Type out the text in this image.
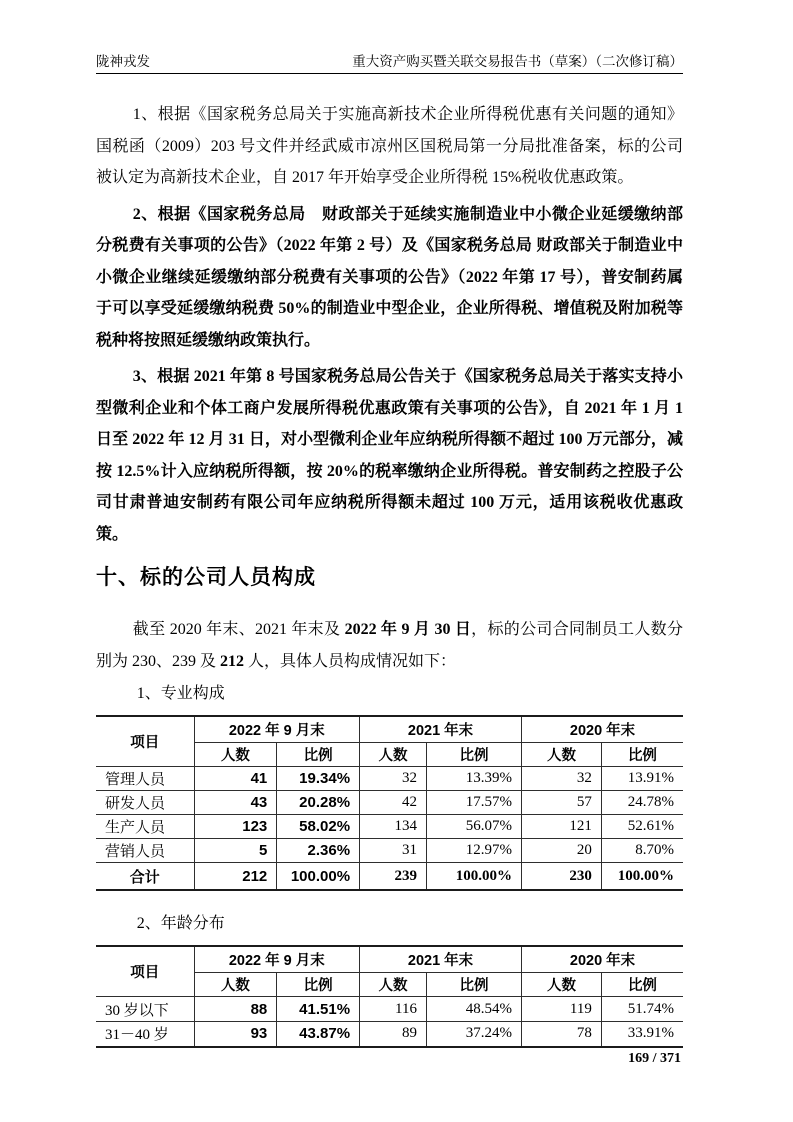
陇神戎发	重大资产购买暨关联交易报告书（草案）（二次修订稿）

1、根据《国家税务总局关于实施高新技术企业所得税优惠有关问题的通知》国税函（2009）203 号文件并经武威市凉州区国税局第一分局批准备案，标的公司被认定为高新技术企业，自 2017 年开始享受企业所得税 15%税收优惠政策。

2、根据《国家税务总局　财政部关于延续实施制造业中小微企业延缓缴纳部分税费有关事项的公告》（2022 年第 2 号）及《国家税务总局 财政部关于制造业中小微企业继续延缓缴纳部分税费有关事项的公告》（2022 年第 17 号），普安制药属于可以享受延缓缴纳税费 50%的制造业中型企业，企业所得税、增值税及附加税等税种将按照延缓缴纳政策执行。

3、根据 2021 年第 8 号国家税务总局公告关于《国家税务总局关于落实支持小型微利企业和个体工商户发展所得税优惠政策有关事项的公告》，自 2021 年 1 月 1 日至 2022 年 12 月 31 日，对小型微利企业年应纳税所得额不超过 100 万元部分，减按 12.5%计入应纳税所得额，按 20%的税率缴纳企业所得税。普安制药之控股子公司甘肃普迪安制药有限公司年应纳税所得额未超过 100 万元，适用该税收优惠政策。

十、标的公司人员构成

截至 2020 年末、2021 年末及 2022 年 9 月 30 日，标的公司合同制员工人数分别为 230、239 及 212 人，具体人员构成情况如下：

1、专业构成

项目	2022 年 9 月末		2021 年末		2020 年末	
	人数	比例	人数	比例	人数	比例
管理人员	41	19.34%	32	13.39%	32	13.91%
研发人员	43	20.28%	42	17.57%	57	24.78%
生产人员	123	58.02%	134	56.07%	121	52.61%
营销人员	5	2.36%	31	12.97%	20	8.70%
合计	212	100.00%	239	100.00%	230	100.00%

2、年龄分布

项目	2022 年 9 月末		2021 年末		2020 年末	
	人数	比例	人数	比例	人数	比例
30 岁以下	88	41.51%	116	48.54%	119	51.74%
31－40 岁	93	43.87%	89	37.24%	78	33.91%
169 / 371
